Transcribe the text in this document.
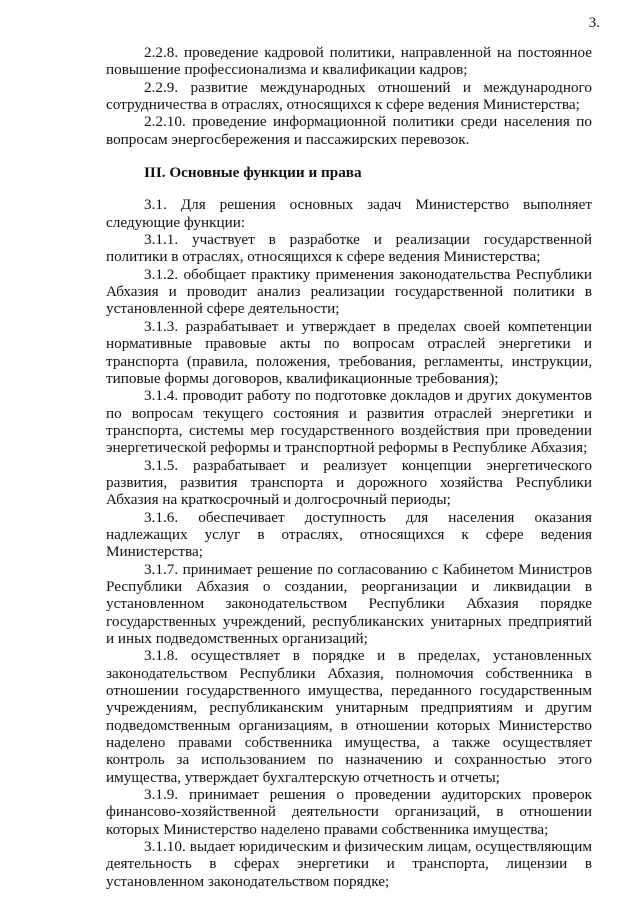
3.

2.2.8. проведение кадровой политики, направленной на постоянное повышение профессионализма и квалификации кадров;

2.2.9. развитие международных отношений и международного сотрудничества в отраслях, относящихся к сфере ведения Министерства;

2.2.10. проведение информационной политики среди населения по вопросам энергосбережения и пассажирских перевозок.

III. Основные функции и права

3.1. Для решения основных задач Министерство выполняет следующие функции:

3.1.1. участвует в разработке и реализации государственной политики в отраслях, относящихся к сфере ведения Министерства;

3.1.2. обобщает практику применения законодательства Республики Абхазия и проводит анализ реализации государственной политики в установленной сфере деятельности;

3.1.3. разрабатывает и утверждает в пределах своей компетенции нормативные правовые акты по вопросам отраслей энергетики и транспорта (правила, положения, требования, регламенты, инструкции, типовые формы договоров, квалификационные требования);

3.1.4. проводит работу по подготовке докладов и других документов по вопросам текущего состояния и развития отраслей энергетики и транспорта, системы мер государственного воздействия при проведении энергетической реформы и транспортной реформы в Республике Абхазия;

3.1.5. разрабатывает и реализует концепции энергетического развития, развития транспорта и дорожного хозяйства Республики Абхазия на краткосрочный и долгосрочный периоды;

3.1.6. обеспечивает доступность для населения оказания надлежащих услуг в отраслях, относящихся к сфере ведения Министерства;

3.1.7. принимает решение по согласованию с Кабинетом Министров Республики Абхазия о создании, реорганизации и ликвидации в установленном законодательством Республики Абхазия порядке государственных учреждений, республиканских унитарных предприятий и иных подведомственных организаций;

3.1.8. осуществляет в порядке и в пределах, установленных законодательством Республики Абхазия, полномочия собственника в отношении государственного имущества, переданного государственным учреждениям, республиканским унитарным предприятиям и другим подведомственным организациям, в отношении которых Министерство наделено правами собственника имущества, а также осуществляет контроль за использованием по назначению и сохранностью этого имущества, утверждает бухгалтерскую отчетность и отчеты;

3.1.9. принимает решения о проведении аудиторских проверок финансово-хозяйственной деятельности организаций, в отношении которых Министерство наделено правами собственника имущества;

3.1.10. выдает юридическим и физическим лицам, осуществляющим деятельность в сферах энергетики и транспорта, лицензии в установленном законодательством порядке;
